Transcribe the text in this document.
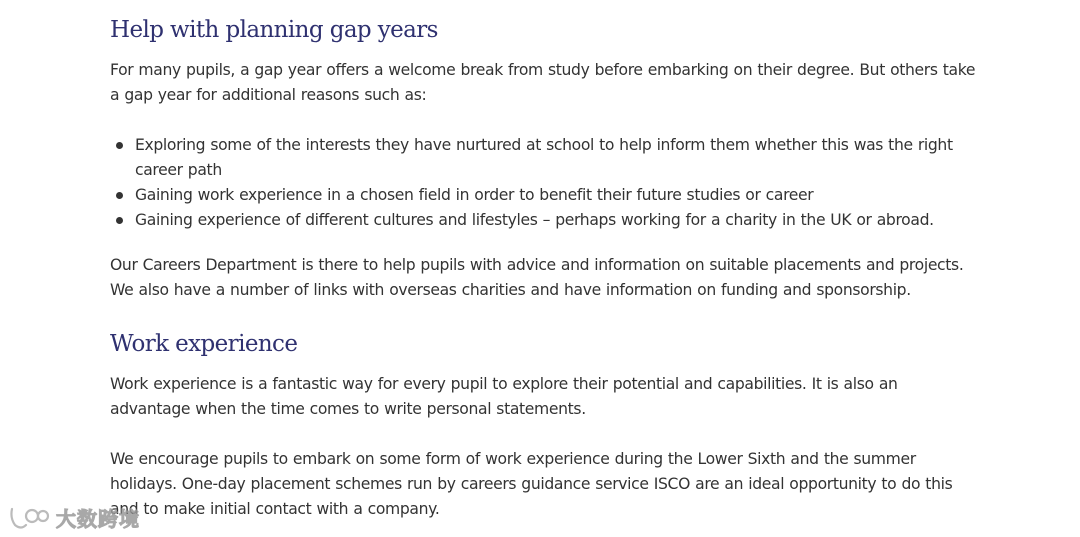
Help with planning gap years

For many pupils, a gap year offers a welcome break from study before embarking on their degree. But others take a gap year for additional reasons such as:

Exploring some of the interests they have nurtured at school to help inform them whether this was the right career path
Gaining work experience in a chosen field in order to benefit their future studies or career
Gaining experience of different cultures and lifestyles – perhaps working for a charity in the UK or abroad.

Our Careers Department is there to help pupils with advice and information on suitable placements and projects. We also have a number of links with overseas charities and have information on funding and sponsorship.

Work experience

Work experience is a fantastic way for every pupil to explore their potential and capabilities. It is also an advantage when the time comes to write personal statements.

We encourage pupils to embark on some form of work experience during the Lower Sixth and the summer holidays. One-day placement schemes run by careers guidance service ISCO are an ideal opportunity to do this and to make initial contact with a company.

大数跨境
